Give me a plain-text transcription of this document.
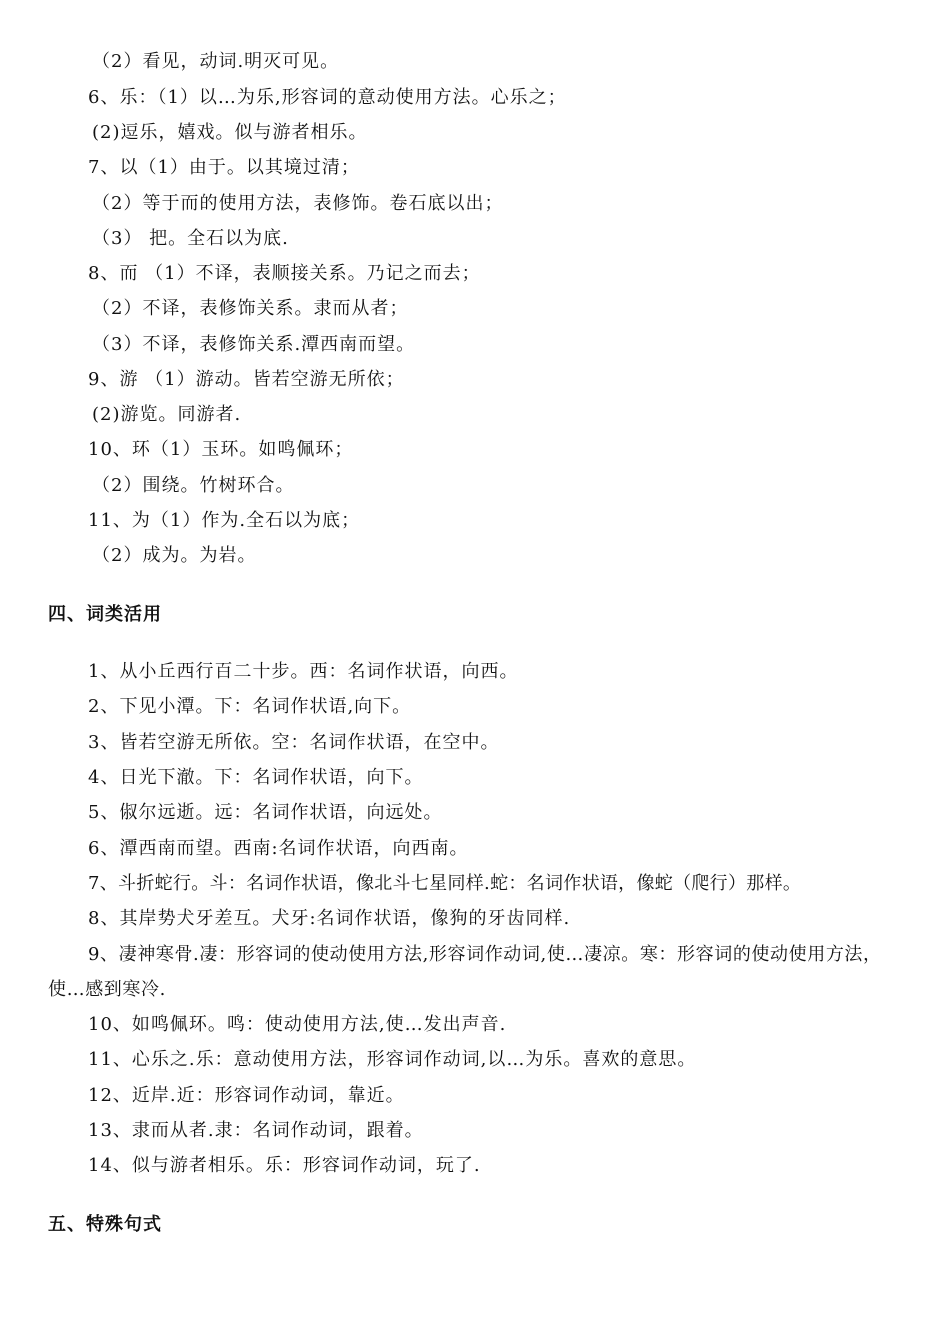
（2）看见，动词.明灭可见。
6、乐：（1）以…为乐,形容词的意动使用方法。心乐之；
(2)逗乐，嬉戏。似与游者相乐。
7、以（1）由于。以其境过清；
（2）等于而的使用方法，表修饰。卷石底以出；
（3） 把。全石以为底.
8、而 （1）不译，表顺接关系。乃记之而去；
（2）不译，表修饰关系。隶而从者；
（3）不译，表修饰关系.潭西南而望。
9、游 （1）游动。皆若空游无所依；
(2)游览。同游者.
10、环（1）玉环。如鸣佩环；
（2）围绕。竹树环合。
11、为（1）作为.全石以为底；
（2）成为。为岩。
四、词类活用
1、从小丘西行百二十步。西：名词作状语，向西。
2、下见小潭。下：名词作状语,向下。
3、皆若空游无所依。空：名词作状语，在空中。
4、日光下澈。下：名词作状语，向下。
5、俶尔远逝。远：名词作状语，向远处。
6、潭西南而望。西南:名词作状语，向西南。
7、斗折蛇行。斗：名词作状语，像北斗七星同样.蛇：名词作状语，像蛇（爬行）那样。
8、其岸势犬牙差互。犬牙:名词作状语，像狗的牙齿同样.
9、凄神寒骨.凄：形容词的使动使用方法,形容词作动词,使…凄凉。寒：形容词的使动使用方法，使…感到寒冷.
10、如鸣佩环。鸣：使动使用方法,使…发出声音.
11、心乐之.乐：意动使用方法，形容词作动词,以…为乐。喜欢的意思。
12、近岸.近：形容词作动词，靠近。
13、隶而从者.隶：名词作动词，跟着。
14、似与游者相乐。乐：形容词作动词，玩了.
五、特殊句式
